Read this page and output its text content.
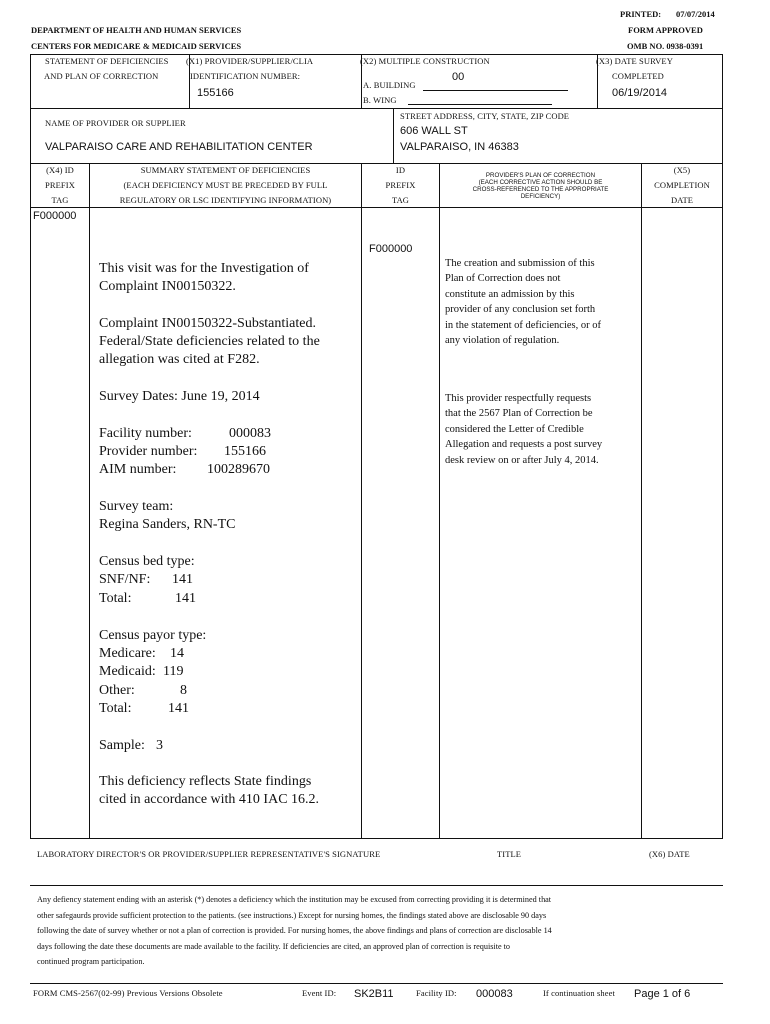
PRINTED: 07/07/2014
DEPARTMENT OF HEALTH AND HUMAN SERVICES
CENTERS FOR MEDICARE & MEDICAID SERVICES
FORM APPROVED
OMB NO. 0938-0391
STATEMENT OF DEFICIENCIES
AND PLAN OF CORRECTION
(X1) PROVIDER/SUPPLIER/CLIA
IDENTIFICATION NUMBER:
155166
(X2) MULTIPLE CONSTRUCTION
A. BUILDING
00
B. WING
(X3) DATE SURVEY
COMPLETED
06/19/2014
NAME OF PROVIDER OR SUPPLIER
VALPARAISO CARE AND REHABILITATION CENTER
STREET ADDRESS, CITY, STATE, ZIP CODE
606 WALL ST
VALPARAISO, IN 46383
(X4) ID
PREFIX
TAG
SUMMARY STATEMENT OF DEFICIENCIES
(EACH DEFICIENCY MUST BE PRECEDED BY FULL
REGULATORY OR LSC IDENTIFYING INFORMATION)
ID
PREFIX
TAG
PROVIDER'S PLAN OF CORRECTION
(EACH CORRECTIVE ACTION SHOULD BE
CROSS-REFERENCED TO THE APPROPRIATE
DEFICIENCY)
(X5)
COMPLETION
DATE
F000000
F000000
This visit was for the Investigation of
Complaint IN00150322.
Complaint IN00150322-Substantiated.
Federal/State deficiencies related to the
allegation was cited at F282.
Survey Dates: June 19, 2014
Facility number:	000083
Provider number: 155166
AIM number: 100289670
Survey team:
Regina Sanders, RN-TC
Census bed type:
SNF/NF: 141
Total:	141
Census payor type:
Medicare: 14
Medicaid: 119
Other:	8
Total:	141
Sample: 3
This deficiency reflects State findings
cited in accordance with 410 IAC 16.2.
The creation and submission of this
Plan of Correction does not
constitute an admission by this
provider of any conclusion set forth
in the statement of deficiencies, or of
any violation of regulation.
This provider respectfully requests
that the 2567 Plan of Correction be
considered the Letter of Credible
Allegation and requests a post survey
desk review on or after July 4, 2014.
LABORATORY DIRECTOR'S OR PROVIDER/SUPPLIER REPRESENTATIVE'S SIGNATURE	TITLE	(X6) DATE
Any defiency statement ending with an asterisk (*) denotes a deficiency which the institution may be excused from correcting providing it is determined that
other safegaurds provide sufficient protection to the patients. (see instructions.) Except for nursing homes, the findings stated above are disclosable 90 days
following the date of survey whether or not a plan of correction is provided. For nursing homes, the above findings and plans of correction are disclosable 14
days following the date these documents are made available to the facility. If deficiencies are cited, an approved plan of correction is requisite to
continued program participation.
FORM CMS-2567(02-99) Previous Versions Obsolete	Event ID: SK2B11	Facility ID: 000083	If continuation sheet Page 1 of 6
